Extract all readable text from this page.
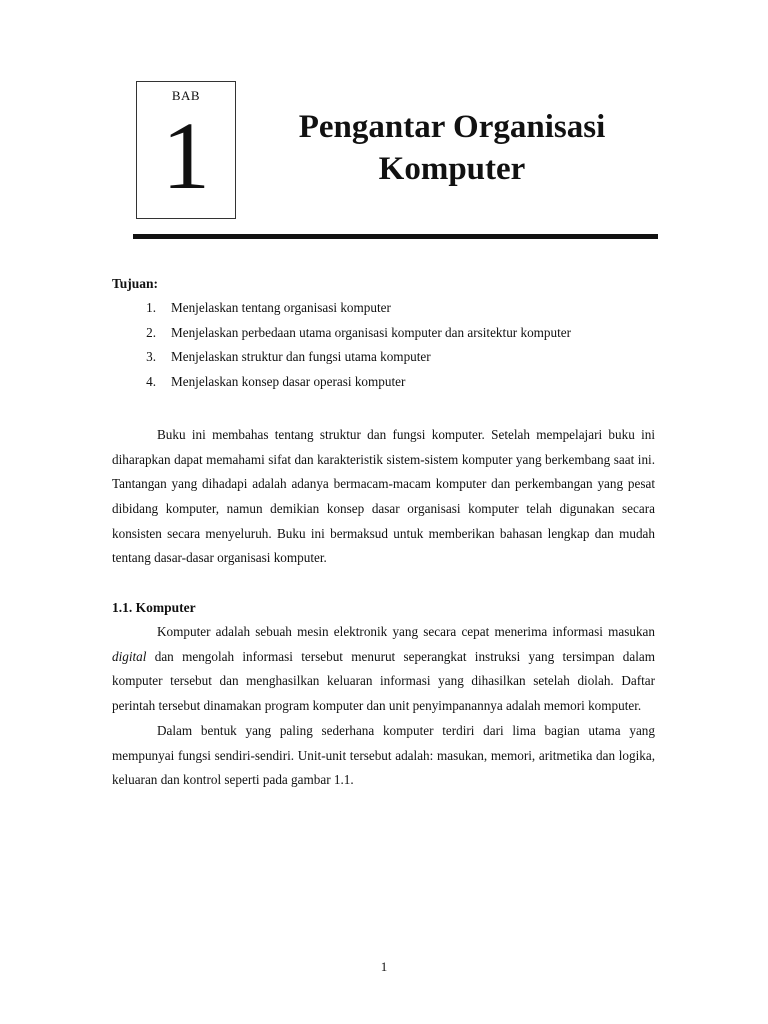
BAB
1	Pengantar Organisasi
Komputer

Tujuan:

1.	Menjelaskan tentang organisasi komputer
2.	Menjelaskan perbedaan utama organisasi komputer dan arsitektur komputer
3.	Menjelaskan struktur dan fungsi utama komputer
4.	Menjelaskan konsep dasar operasi komputer

Buku ini membahas tentang struktur dan fungsi komputer. Setelah mempelajari buku ini diharapkan dapat memahami sifat dan karakteristik sistem-sistem komputer yang berkembang saat ini. Tantangan yang dihadapi adalah adanya bermacam-macam komputer dan perkembangan yang pesat dibidang komputer, namun demikian konsep dasar organisasi komputer telah digunakan secara konsisten secara menyeluruh. Buku ini bermaksud untuk memberikan bahasan lengkap dan mudah tentang dasar-dasar organisasi komputer.

1.1. Komputer

Komputer adalah sebuah mesin elektronik yang secara cepat menerima informasi masukan digital dan mengolah informasi tersebut menurut seperangkat instruksi yang tersimpan dalam komputer tersebut dan menghasilkan keluaran informasi yang dihasilkan setelah diolah. Daftar perintah tersebut dinamakan program komputer dan unit penyimpanannya adalah memori komputer.

Dalam bentuk yang paling sederhana komputer terdiri dari lima bagian utama yang mempunyai fungsi sendiri-sendiri. Unit-unit tersebut adalah: masukan, memori, aritmetika dan logika, keluaran dan kontrol seperti pada gambar 1.1.

1
